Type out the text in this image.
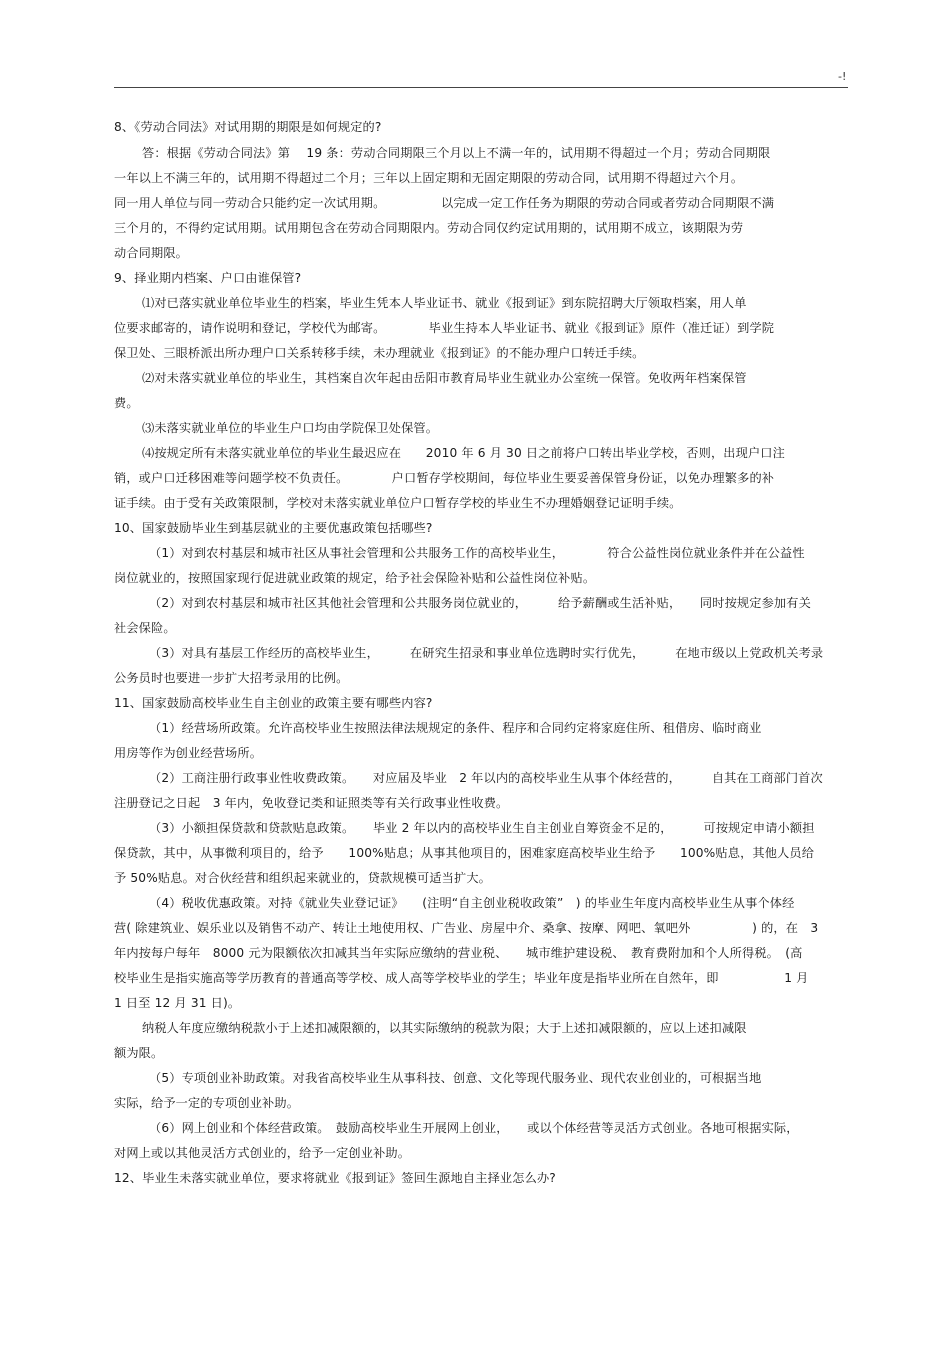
-!
8、《劳动合同法》对试用期的期限是如何规定的?
答：根据《劳动合同法》第　 19 条：劳动合同期限三个月以上不满一年的，试用期不得超过一个月；劳动合同期限
一年以上不满三年的，试用期不得超过二个月；三年以上固定期和无固定期限的劳动合同，试用期不得超过六个月。
同一用人单位与同一劳动合只能约定一次试用期。　　　　　以完成一定工作任务为期限的劳动合同或者劳动合同期限不满
三个月的，不得约定试用期。试用期包含在劳动合同期限内。劳动合同仅约定试用期的，试用期不成立，该期限为劳
动合同期限。
9、择业期内档案、户口由谁保管?
⑴对已落实就业单位毕业生的档案，毕业生凭本人毕业证书、就业《报到证》到东院招聘大厅领取档案，用人单
位要求邮寄的，请作说明和登记，学校代为邮寄。　　　　毕业生持本人毕业证书、就业《报到证》原件（准迁证）到学院
保卫处、三眼桥派出所办理户口关系转移手续，未办理就业《报到证》的不能办理户口转迁手续。
⑵对未落实就业单位的毕业生，其档案自次年起由岳阳市教育局毕业生就业办公室统一保管。免收两年档案保管
费。
⑶未落实就业单位的毕业生户口均由学院保卫处保管。
⑷按规定所有未落实就业单位的毕业生最迟应在　　2010 年 6 月 30 日之前将户口转出毕业学校，否则，出现户口注
销，或户口迁移困难等问题学校不负责任。　　　　户口暂存学校期间，每位毕业生要妥善保管身份证，以免办理繁多的补
证手续。由于受有关政策限制，学校对未落实就业单位户口暂存学校的毕业生不办理婚姻登记证明手续。
10、国家鼓励毕业生到基层就业的主要优惠政策包括哪些?
（1）对到农村基层和城市社区从事社会管理和公共服务工作的高校毕业生，　　　　符合公益性岗位就业条件并在公益性
岗位就业的，按照国家现行促进就业政策的规定，给予社会保险补贴和公益性岗位补贴。
（2）对到农村基层和城市社区其他社会管理和公共服务岗位就业的，　　　给予薪酬或生活补贴，　　同时按规定参加有关
社会保险。
（3）对具有基层工作经历的高校毕业生，　　　在研究生招录和事业单位选聘时实行优先，　　　在地市级以上党政机关考录
公务员时也要进一步扩大招考录用的比例。
11、国家鼓励高校毕业生自主创业的政策主要有哪些内容?
（1）经营场所政策。允许高校毕业生按照法律法规规定的条件、程序和合同约定将家庭住所、租借房、临时商业
用房等作为创业经营场所。
（2）工商注册行政事业性收费政策。　　对应届及毕业　2 年以内的高校毕业生从事个体经营的，　　　自其在工商部门首次
注册登记之日起　3 年内，免收登记类和证照类等有关行政事业性收费。
（3）小额担保贷款和贷款贴息政策。　　毕业 2 年以内的高校毕业生自主创业自筹资金不足的，　　　可按规定申请小额担
保贷款，其中，从事微利项目的，给予　　100%贴息；从事其他项目的，困难家庭高校毕业生给予　　100%贴息，其他人员给
予 50%贴息。对合伙经营和组织起来就业的，贷款规模可适当扩大。
（4）税收优惠政策。对持《就业失业登记证》　　(注明“自主创业税收政策”　) 的毕业生年度内高校毕业生从事个体经
营( 除建筑业、娱乐业以及销售不动产、转让土地使用权、广告业、房屋中介、桑拿、按摩、网吧、氧吧外　　　　　) 的，在　3
年内按每户每年　8000 元为限额依次扣减其当年实际应缴纳的营业税、　　城市维护建设税、　教育费附加和个人所得税。　(高
校毕业生是指实施高等学历教育的普通高等学校、成人高等学校毕业的学生；毕业年度是指毕业所在自然年，即　　　　　 1 月
1 日至 12 月 31 日)。
纳税人年度应缴纳税款小于上述扣减限额的，以其实际缴纳的税款为限；大于上述扣减限额的，应以上述扣减限
额为限。
（5）专项创业补助政策。对我省高校毕业生从事科技、创意、文化等现代服务业、现代农业创业的，可根据当地
实际，给予一定的专项创业补助。
（6）网上创业和个体经营政策。　鼓励高校毕业生开展网上创业，　　或以个体经营等灵活方式创业。各地可根据实际，
对网上或以其他灵活方式创业的，给予一定创业补助。
12、毕业生未落实就业单位，要求将就业《报到证》签回生源地自主择业怎么办?
